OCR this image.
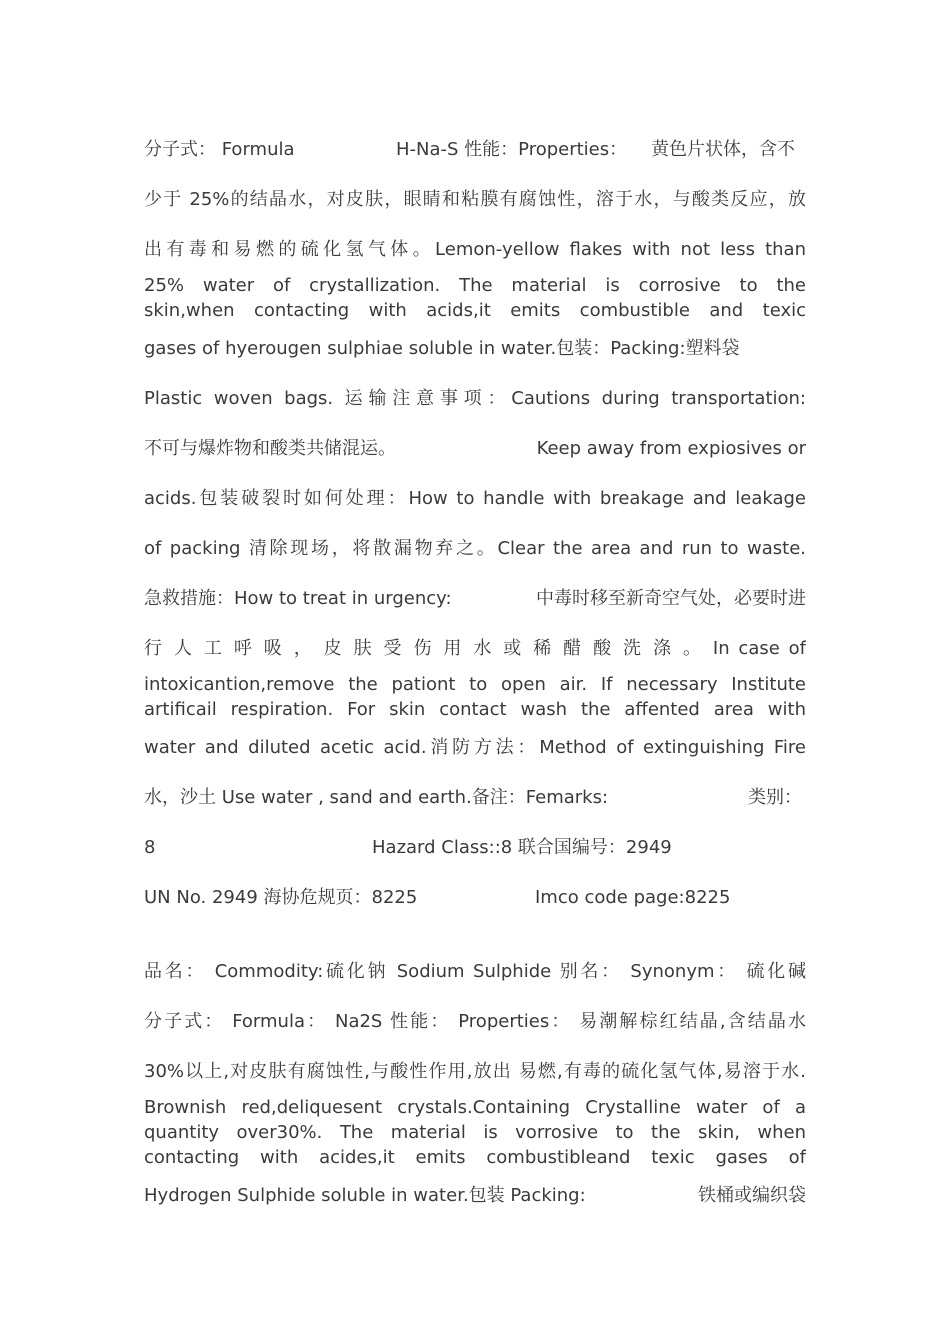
分子式： Formula	H-Na-S 性能：Properties： 黄色片状体，含不
少于 25%的结晶水，对皮肤，眼睛和粘膜有腐蚀性，溶于水，与酸类反应，放
出有毒和易燃的硫化氢气体。Lemon-yellow flakes with not less than
25% water of crystallization. The material is corrosive to the
skin,when contacting with acids,it emits combustible and texic
gases of hyerougen sulphiae soluble in water.包装：Packing:塑料袋
Plastic woven bags. 运输注意事项：Cautions during transportation:
不可与爆炸物和酸类共储混运。	Keep away from expiosives or
acids.包装破裂时如何处理：How to handle with breakage and leakage
of packing 清除现场，将散漏物弃之。Clear the area and run to waste.
急救措施：How to treat in urgency:	中毒时移至新奇空气处，必要时进
行 人 工 呼 吸 ， 皮 肤 受 伤 用 水 或 稀 醋 酸 洗 涤 。 In case of
intoxicantion,remove the pationt to open air. If necessary Institute
artificail respiration. For skin contact wash the affented area with
water and diluted acetic acid.消防方法：Method of extinguishing Fire
水，沙土 Use water , sand and earth.备注：Femarks:	类别：
8	Hazard Class::8 联合国编号：2949
UN No. 2949 海协危规页：8225	Imco code page:8225
品名： Commodity:硫化钠 Sodium Sulphide 别名： Synonym： 硫化碱
分子式： Formula： Na2S 性能： Properties： 易潮解棕红结晶,含结晶水
30%以上,对皮肤有腐蚀性,与酸性作用,放出 易燃,有毒的硫化氢气体,易溶于水.
Brownish red,deliquesent crystals.Containing Crystalline water of a
quantity over30%. The material is vorrosive to the skin, when
contacting with acides,it emits combustibleand texic gases of
Hydrogen Sulphide soluble in water.包装 Packing:	铁桶或编织袋
